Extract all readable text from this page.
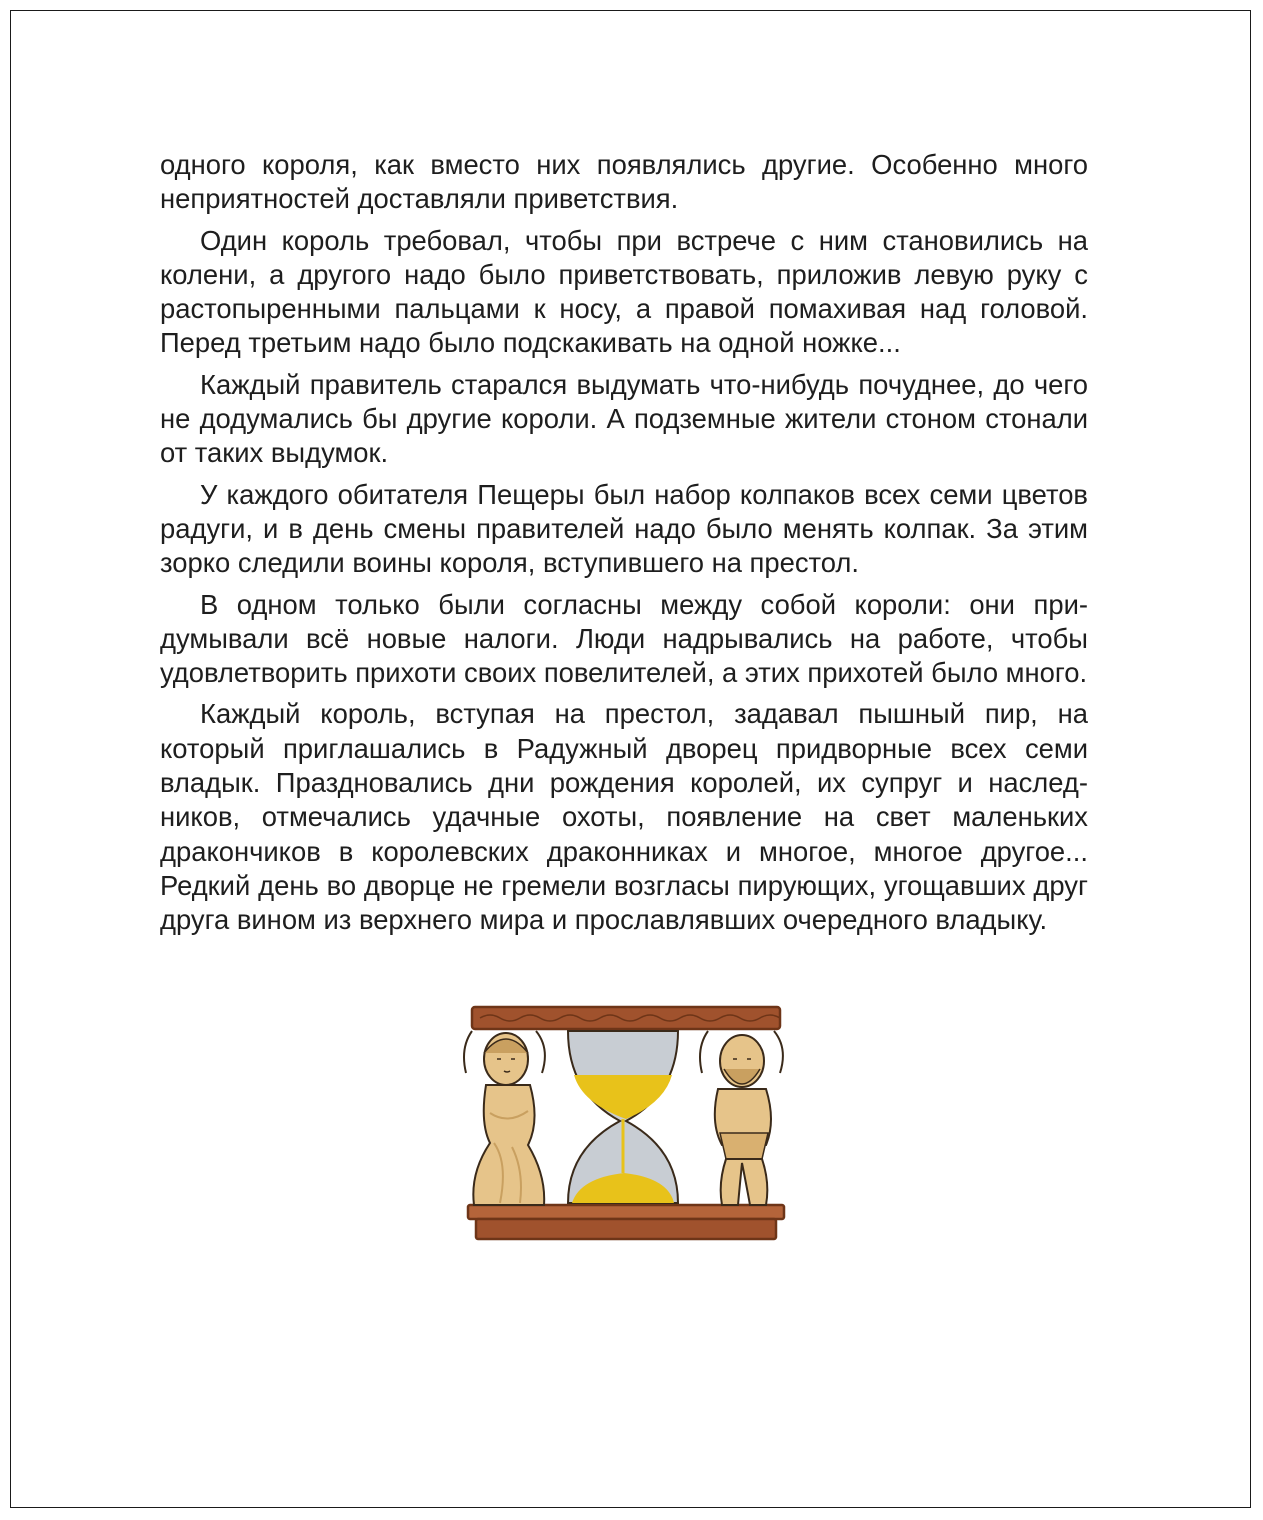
одного короля, как вместо них появлялись другие. Особенно много неприятностей доставляли приветствия.

Один король требовал, чтобы при встрече с ним становились на колени, а другого надо было приветствовать, приложив левую руку с растопыренными пальцами к носу, а правой помахивая над головой. Перед третьим надо было подскакивать на одной ножке...

Каждый правитель старался выдумать что-нибудь почуднее, до чего не додумались бы другие короли. А подземные жители стоном стонали от таких выдумок.

У каждого обитателя Пещеры был набор колпаков всех семи цветов радуги, и в день смены правителей надо было менять колпак. За этим зорко следили воины короля, вступившего на престол.

В одном только были согласны между собой короли: они придумывали всё новые налоги. Люди надрывались на работе, чтобы удовлетворить прихоти своих повелителей, а этих прихотей было много.

Каждый король, вступая на престол, задавал пышный пир, на который приглашались в Радужный дворец придворные всех семи владык. Праздновались дни рождения королей, их супруг и наследников, отмечались удачные охоты, появление на свет маленьких дракончиков в королевских драконниках и многое, многое другое... Редкий день во дворце не гремели возгласы пирующих, угощавших друг друга вином из верхнего мира и прославлявших очередного владыку.
